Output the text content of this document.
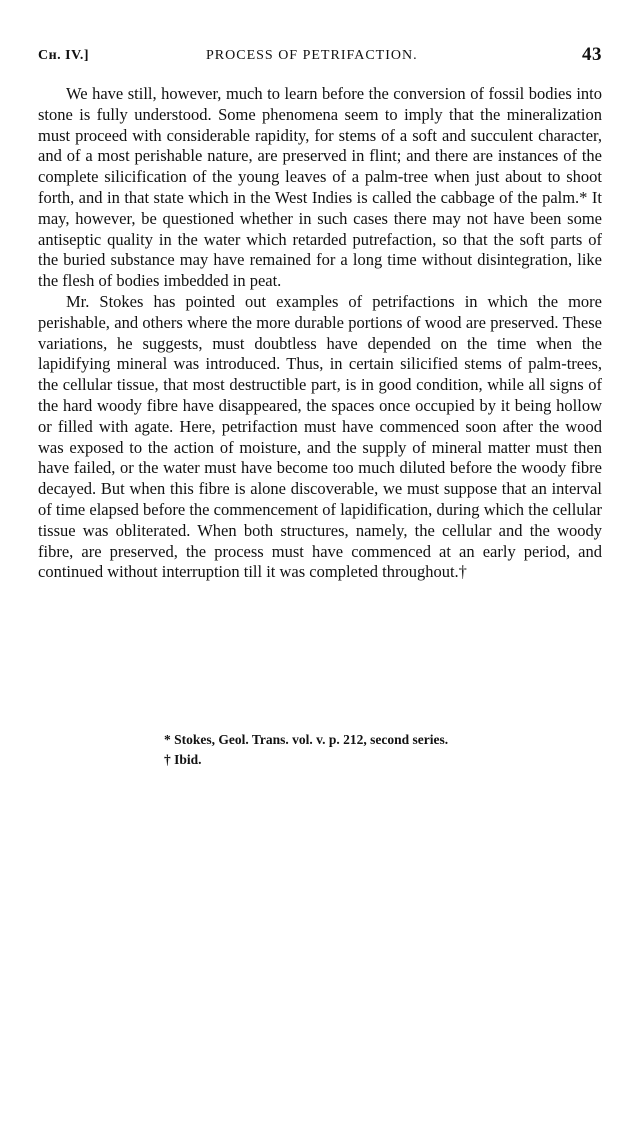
Cʜ. IV.]	PROCESS OF PETRIFACTION.	43

We have still, however, much to learn before the conversion of fossil bodies into stone is fully understood. Some phenomena seem to imply that the mineralization must proceed with considerable rapidity, for stems of a soft and succulent character, and of a most perishable nature, are preserved in flint; and there are instances of the complete silicification of the young leaves of a palm-tree when just about to shoot forth, and in that state which in the West Indies is called the cabbage of the palm.* It may, however, be questioned whether in such cases there may not have been some antiseptic quality in the water which retarded putrefaction, so that the soft parts of the buried substance may have remained for a long time without disintegration, like the flesh of bodies imbedded in peat.

Mr. Stokes has pointed out examples of petrifactions in which the more perishable, and others where the more durable portions of wood are preserved. These variations, he suggests, must doubtless have depended on the time when the lapidifying mineral was introduced. Thus, in certain silicified stems of palm-trees, the cellular tissue, that most destructible part, is in good condition, while all signs of the hard woody fibre have disappeared, the spaces once occupied by it being hollow or filled with agate. Here, petrifaction must have commenced soon after the wood was exposed to the action of moisture, and the supply of mineral matter must then have failed, or the water must have become too much diluted before the woody fibre decayed. But when this fibre is alone discoverable, we must suppose that an interval of time elapsed before the commencement of lapidification, during which the cellular tissue was obliterated. When both structures, namely, the cellular and the woody fibre, are preserved, the process must have commenced at an early period, and continued without interruption till it was completed throughout.†

* Stokes, Geol. Trans. vol. v. p. 212, second series.

† Ibid.
